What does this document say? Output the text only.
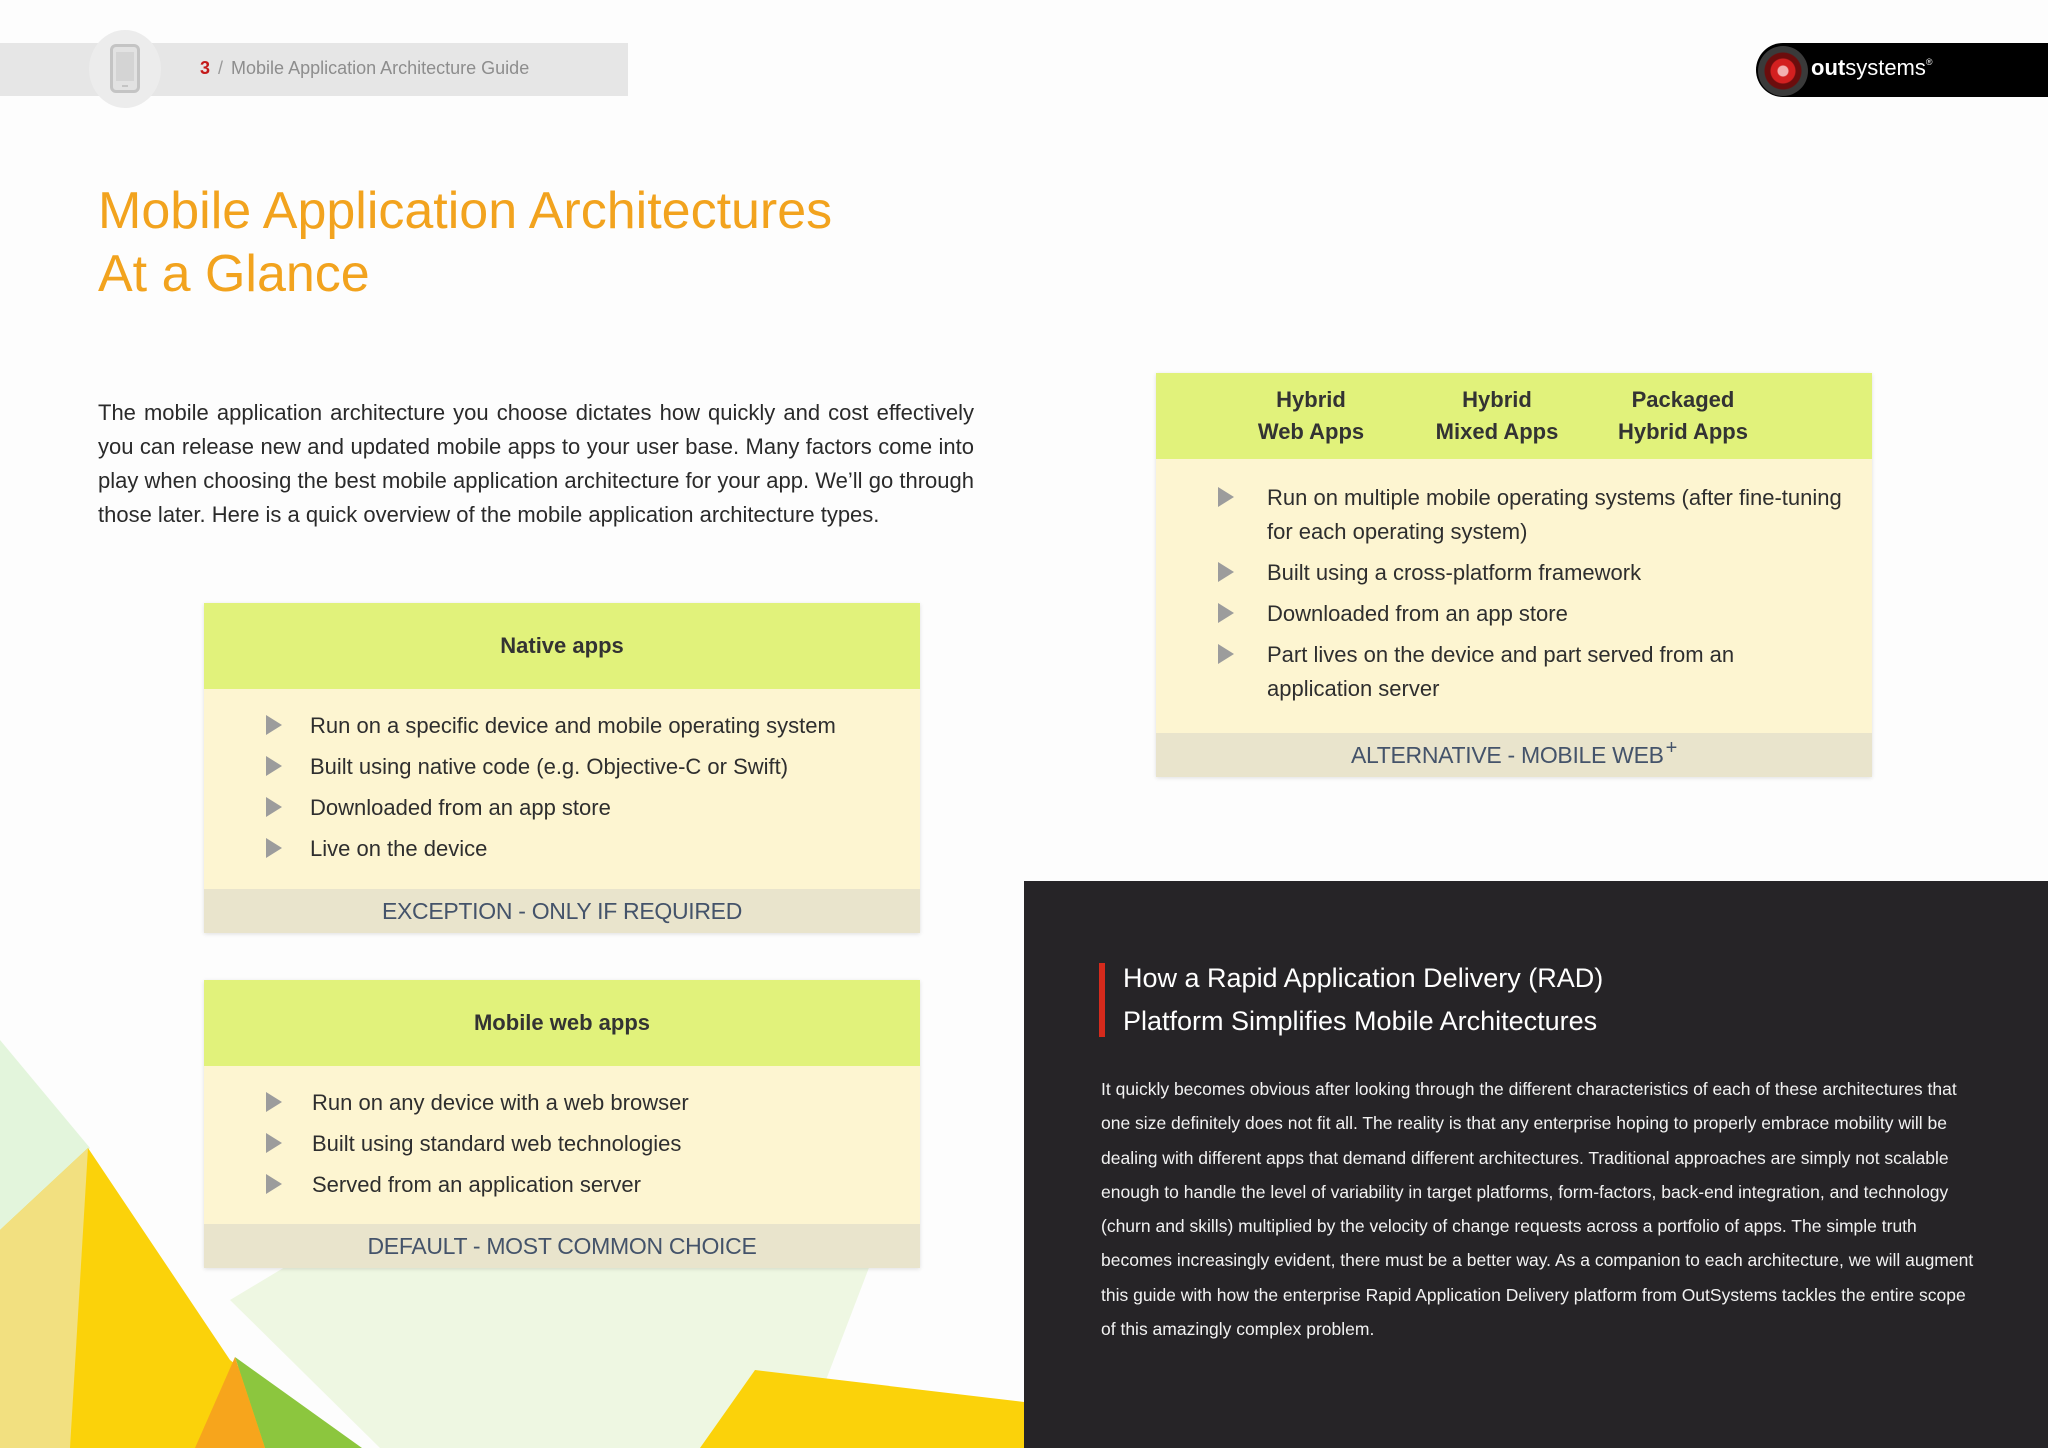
3 / Mobile Application Architecture Guide	outsystems®
Mobile Application Architectures
At a Glance

The mobile application architecture you choose dictates how quickly and cost effectively you can release new and updated mobile apps to your user base. Many factors come into play when choosing the best mobile application architecture for your app. We’ll go through those later. Here is a quick overview of the mobile application architecture types.

Native apps
Run on a specific device and mobile operating system
Built using native code (e.g. Objective-C or Swift)
Downloaded from an app store
Live on the device
EXCEPTION - ONLY IF REQUIRED
Mobile web apps
Run on any device with a web browser
Built using standard web technologies
Served from an application server
DEFAULT - MOST COMMON CHOICE
Hybrid
Web Apps
Hybrid
Mixed Apps
Packaged
Hybrid Apps
Run on multiple mobile operating systems (after fine-tuning for each operating system)
Built using a cross-platform framework
Downloaded from an app store
Part lives on the device and part served from an application server
ALTERNATIVE - MOBILE WEB +
How a Rapid Application Delivery (RAD)
Platform Simplifies Mobile Architectures

It quickly becomes obvious after looking through the different characteristics of each of these architectures that one size definitely does not fit all. The reality is that any enterprise hoping to properly embrace mobility will be dealing with different apps that demand different architectures. Traditional approaches are simply not scalable enough to handle the level of variability in target platforms, form-factors, back-end integration, and technology (churn and skills) multiplied by the velocity of change requests across a portfolio of apps. The simple truth becomes increasingly evident, there must be a better way. As a companion to each architecture, we will augment this guide with how the enterprise Rapid Application Delivery platform from OutSystems tackles the entire scope of this amazingly complex problem.
